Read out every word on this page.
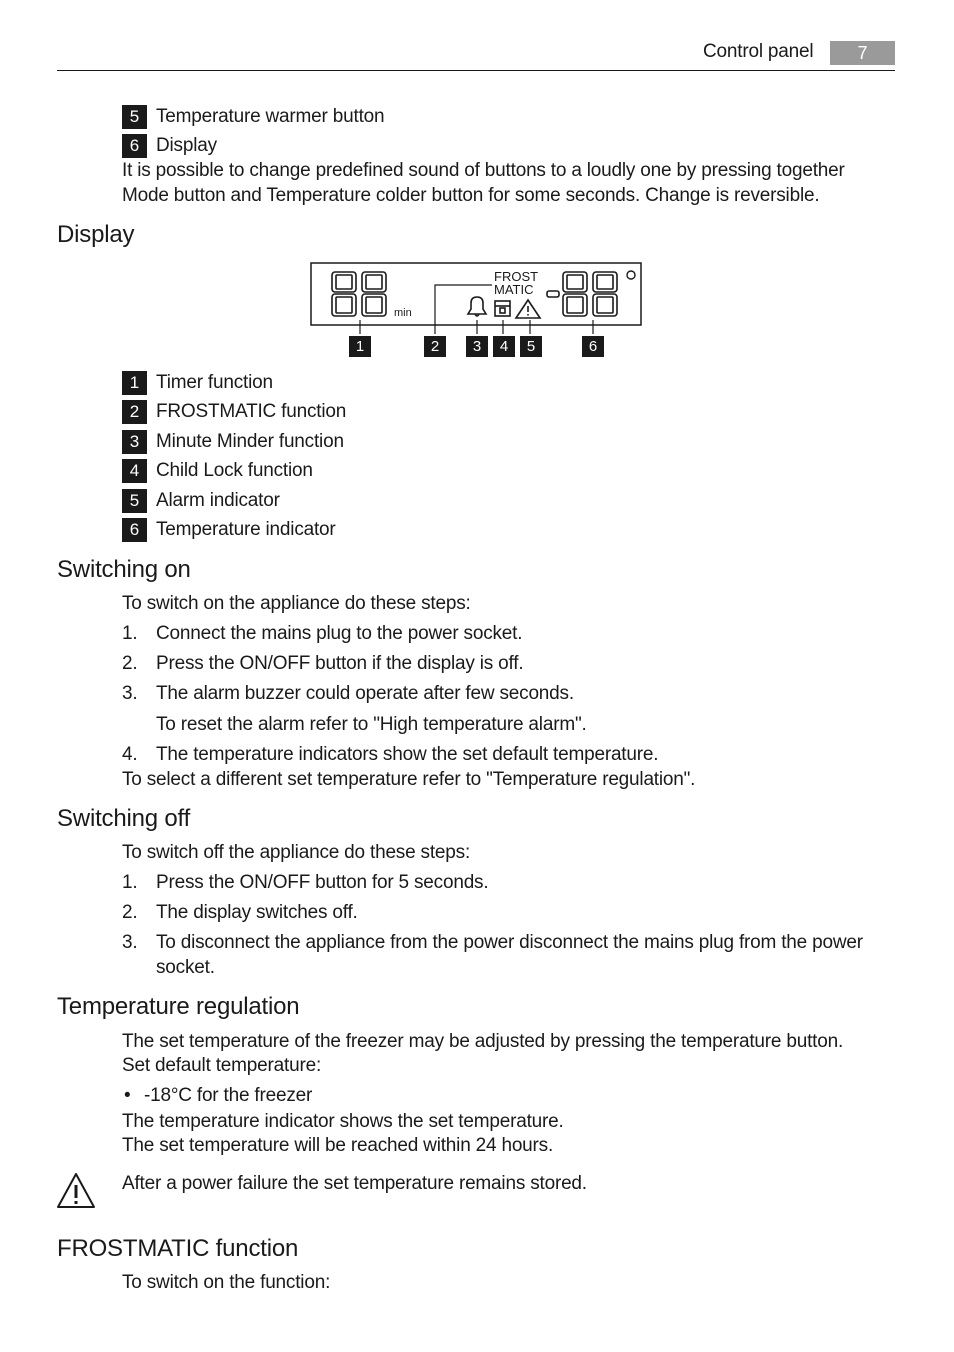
Control panel	7
5 Temperature warmer button
6 Display
It is possible to change predefined sound of buttons to a loudly one by pressing together
Mode button and Temperature colder button for some seconds. Change is reversible.
Display
min
FROST
MATIC
1	2	3	4	5	6
1 Timer function
2 FROSTMATIC function
3 Minute Minder function
4 Child Lock function
5 Alarm indicator
6 Temperature indicator
Switching on
To switch on the appliance do these steps:
1. Connect the mains plug to the power socket.
2. Press the ON/OFF button if the display is off.
3. The alarm buzzer could operate after few seconds.
To reset the alarm refer to "High temperature alarm".
4. The temperature indicators show the set default temperature.
To select a different set temperature refer to "Temperature regulation".
Switching off
To switch off the appliance do these steps:
1. Press the ON/OFF button for 5 seconds.
2. The display switches off.
3. To disconnect the appliance from the power disconnect the mains plug from the power
socket.
Temperature regulation
The set temperature of the freezer may be adjusted by pressing the temperature button.
Set default temperature:
• -18°C for the freezer
The temperature indicator shows the set temperature.
The set temperature will be reached within 24 hours.
After a power failure the set temperature remains stored.
FROSTMATIC function
To switch on the function:
